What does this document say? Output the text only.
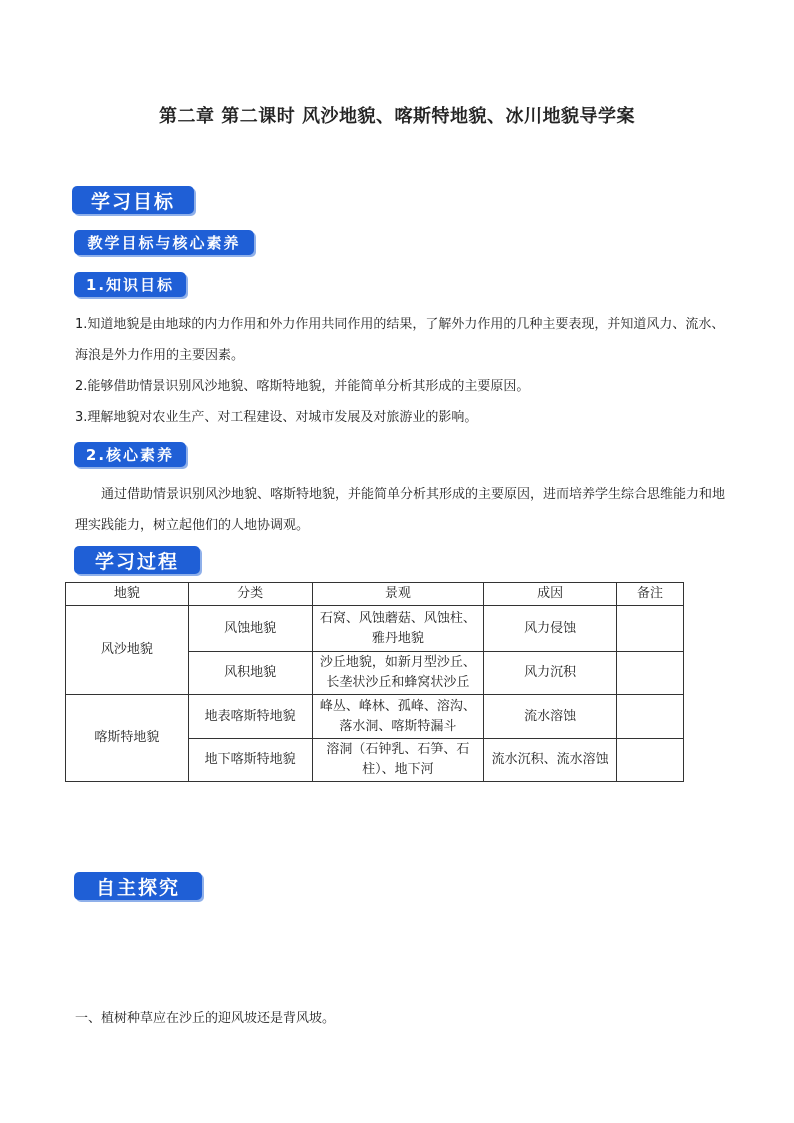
第二章 第二课时 风沙地貌、喀斯特地貌、冰川地貌导学案
学习目标
教学目标与核心素养
1.知识目标
1.知道地貌是由地球的内力作用和外力作用共同作用的结果，了解外力作用的几种主要表现，并知道风力、流水、海浪是外力作用的主要因素。
2.能够借助情景识别风沙地貌、喀斯特地貌，并能简单分析其形成的主要原因。
3.理解地貌对农业生产、对工程建设、对城市发展及对旅游业的影响。
2.核心素养
通过借助情景识别风沙地貌、喀斯特地貌，并能简单分析其形成的主要原因，进而培养学生综合思维能力和地理实践能力，树立起他们的人地协调观。
学习过程
地貌	分类	景观	成因	备注
风沙地貌	风蚀地貌	石窝、风蚀蘑菇、风蚀柱、雅丹地貌	风力侵蚀	
	风积地貌	沙丘地貌，如新月型沙丘、长垄状沙丘和蜂窝状沙丘	风力沉积	
喀斯特地貌	地表喀斯特地貌	峰丛、峰林、孤峰、溶沟、落水洞、喀斯特漏斗	流水溶蚀	
	地下喀斯特地貌	溶洞（石钟乳、石笋、石柱）、地下河	流水沉积、流水溶蚀	
自主探究
一、植树种草应在沙丘的迎风坡还是背风坡。
